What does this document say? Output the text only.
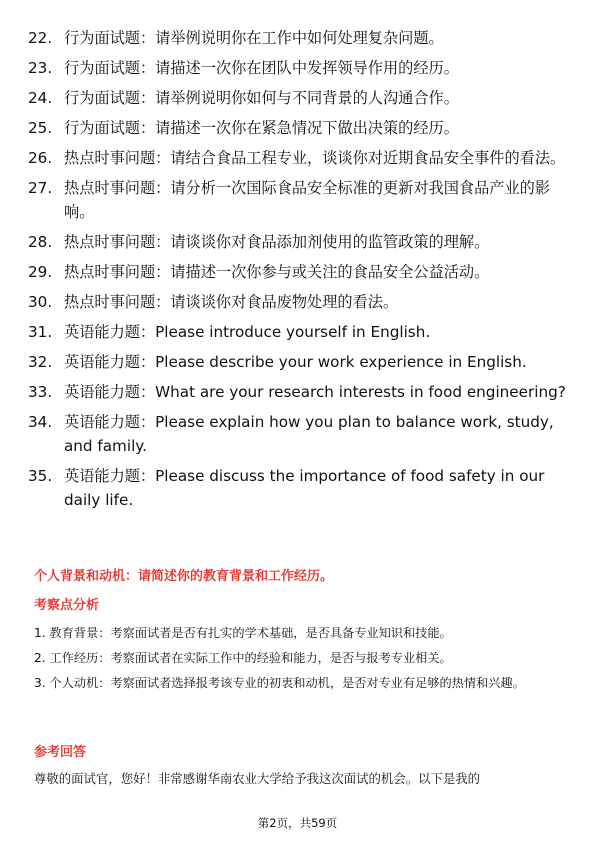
22. 行为面试题：请举例说明你在工作中如何处理复杂问题。
23. 行为面试题：请描述一次你在团队中发挥领导作用的经历。
24. 行为面试题：请举例说明你如何与不同背景的人沟通合作。
25. 行为面试题：请描述一次你在紧急情况下做出决策的经历。
26. 热点时事问题：请结合食品工程专业，谈谈你对近期食品安全事件的看法。
27. 热点时事问题：请分析一次国际食品安全标准的更新对我国食品产业的影响。
28. 热点时事问题：请谈谈你对食品添加剂使用的监管政策的理解。
29. 热点时事问题：请描述一次你参与或关注的食品安全公益活动。
30. 热点时事问题：请谈谈你对食品废物处理的看法。
31. 英语能力题：Please introduce yourself in English.
32. 英语能力题：Please describe your work experience in English.
33. 英语能力题：What are your research interests in food engineering?
34. 英语能力题：Please explain how you plan to balance work, study, and family.
35. 英语能力题：Please discuss the importance of food safety in our daily life.
个人背景和动机：请简述你的教育背景和工作经历。
考察点分析
1. 教育背景：考察面试者是否有扎实的学术基础，是否具备专业知识和技能。
2. 工作经历：考察面试者在实际工作中的经验和能力，是否与报考专业相关。
3. 个人动机：考察面试者选择报考该专业的初衷和动机，是否对专业有足够的热情和兴趣。
参考回答
尊敬的面试官，您好！非常感谢华南农业大学给予我这次面试的机会。以下是我的
第2页，共59页
